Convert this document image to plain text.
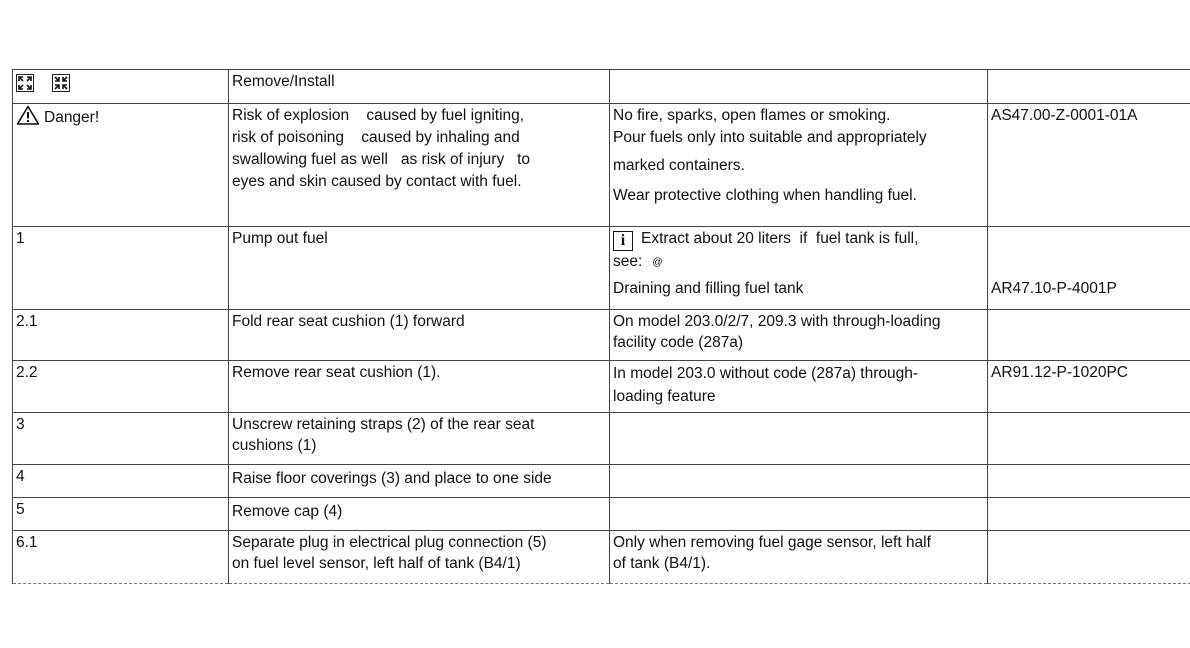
	Remove/Install		
Danger!	Risk of explosion    caused by fuel igniting,
risk of poisoning    caused by inhaling and
swallowing fuel as well   as risk of injury   to
eyes and skin caused by contact with fuel.	No fire, sparks, open flames or smoking.
Pour fuels only into suitable and appropriately
marked containers.
Wear protective clothing when handling fuel.	AS47.00-Z-0001-01A
1	Pump out fuel	i Extract about 20 liters  if  fuel tank is full,
see: @
Draining and filling fuel tank	AR47.10-P-4001P
2.1	Fold rear seat cushion (1) forward	On model 203.0/2/7, 209.3 with through-loading
facility code (287a)	

2.2	Remove rear seat cushion (1).	In model 203.0 without code (287a) through-
loading feature	AR91.12-P-1020PC
3	Unscrew retaining straps (2) of the rear seat
cushions (1)		

4	Raise floor coverings (3) and place to one side		
5	Remove cap (4)		
6.1	Separate plug in electrical plug connection (5)
on fuel level sensor, left half of tank (B4/1)	Only when removing fuel gage sensor, left half
of tank (B4/1).	
